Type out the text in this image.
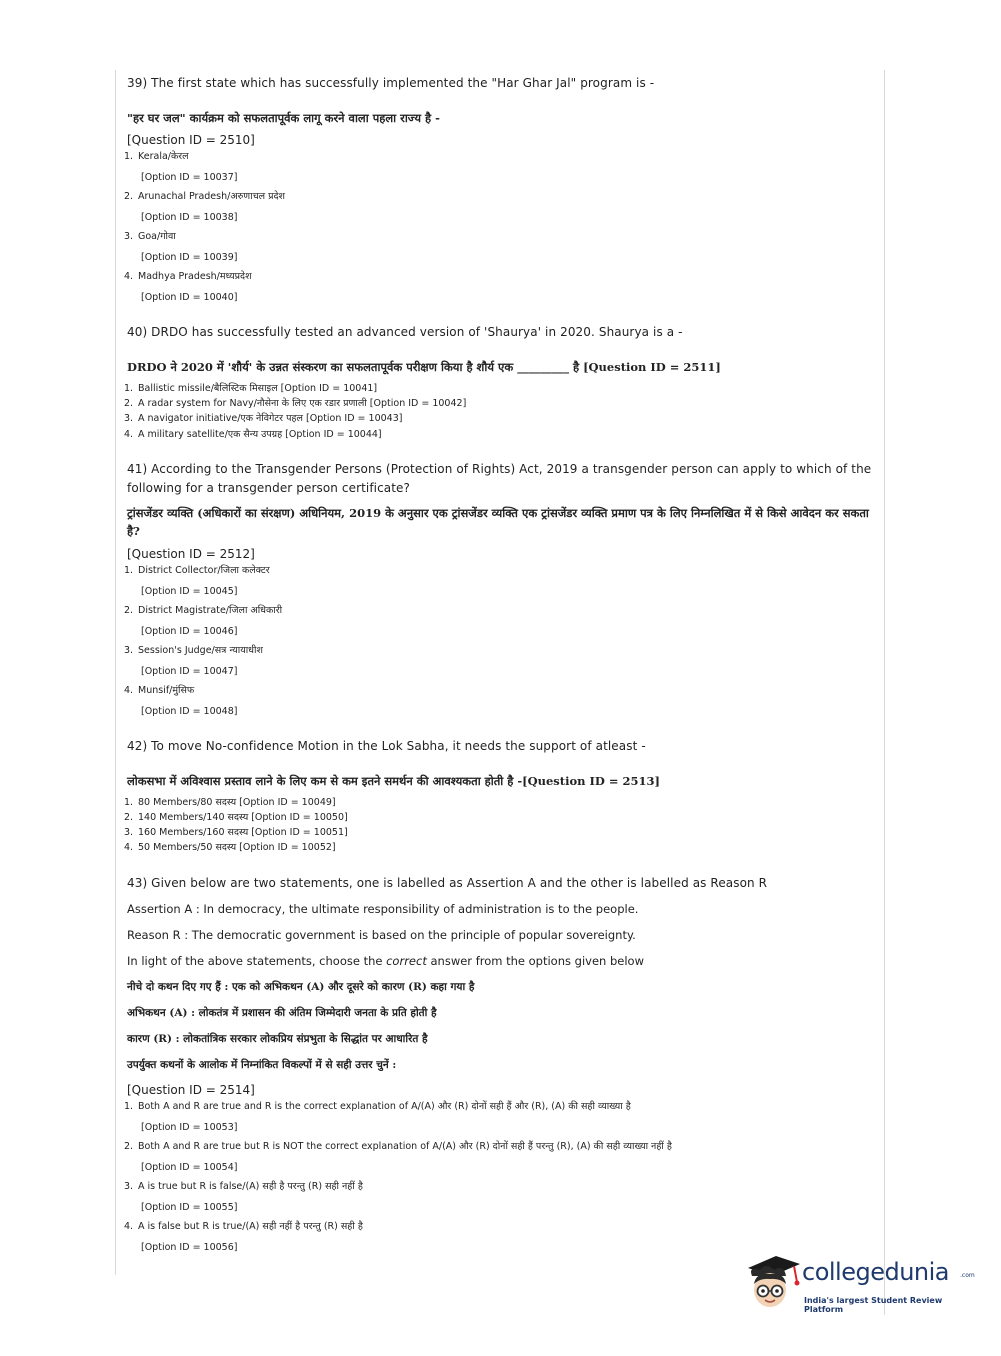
39) The first state which has successfully implemented the "Har Ghar Jal" program is -

"हर घर जल" कार्यक्रम को सफलतापूर्वक लागू करने वाला पहला राज्य है -

[Question ID = 2510]

1. Kerala/केरल

[Option ID = 10037]

2. Arunachal Pradesh/अरुणाचल प्रदेश

[Option ID = 10038]

3. Goa/गोवा

[Option ID = 10039]

4. Madhya Pradesh/मध्यप्रदेश

[Option ID = 10040]

40) DRDO has successfully tested an advanced version of 'Shaurya' in 2020. Shaurya is a -

DRDO ने 2020 में 'शौर्य' के उन्नत संस्करण का सफलतापूर्वक परीक्षण किया है शौर्य एक _________ है [Question ID = 2511]

1. Ballistic missile/बैलिस्टिक मिसाइल [Option ID = 10041]

2. A radar system for Navy/नौसेना के लिए एक रडार प्रणाली [Option ID = 10042]

3. A navigator initiative/एक नेविगेटर पहल [Option ID = 10043]

4. A military satellite/एक सैन्य उपग्रह [Option ID = 10044]

41) According to the Transgender Persons (Protection of Rights) Act, 2019 a transgender person can apply to which of the following for a transgender person certificate?

ट्रांसजेंडर व्यक्ति (अधिकारों का संरक्षण) अधिनियम, 2019 के अनुसार एक ट्रांसजेंडर व्यक्ति एक ट्रांसजेंडर व्यक्ति प्रमाण पत्र के लिए निम्नलिखित में से किसे आवेदन कर सकता है?

[Question ID = 2512]

1. District Collector/जिला कलेक्टर

[Option ID = 10045]

2. District Magistrate/जिला अधिकारी

[Option ID = 10046]

3. Session's Judge/सत्र न्यायाधीश

[Option ID = 10047]

4. Munsif/मुंसिफ

[Option ID = 10048]

42) To move No-confidence Motion in the Lok Sabha, it needs the support of atleast -

लोकसभा में अविश्वास प्रस्ताव लाने के लिए कम से कम इतने समर्थन की आवश्यकता होती है -[Question ID = 2513]

1. 80 Members/80 सदस्य [Option ID = 10049]

2. 140 Members/140 सदस्य [Option ID = 10050]

3. 160 Members/160 सदस्य [Option ID = 10051]

4. 50 Members/50 सदस्य [Option ID = 10052]

43) Given below are two statements, one is labelled as Assertion A and the other is labelled as Reason R

Assertion A : In democracy, the ultimate responsibility of administration is to the people.

Reason R : The democratic government is based on the principle of popular sovereignty.

In light of the above statements, choose the correct answer from the options given below

नीचे दो कथन दिए गए हैं : एक को अभिकथन (A) और दूसरे को कारण (R) कहा गया है

अभिकथन (A) : लोकतंत्र में प्रशासन की अंतिम जिम्मेदारी जनता के प्रति होती है

कारण (R) : लोकतांत्रिक सरकार लोकप्रिय संप्रभुता के सिद्धांत पर आधारित है

उपर्युक्त कथनों के आलोक में निम्नांकित विकल्पों में से सही उत्तर चुनें :

[Question ID = 2514]

1. Both A and R are true and R is the correct explanation of A/(A) और (R) दोनों सही हैं और (R), (A) की सही व्याख्या है

[Option ID = 10053]

2. Both A and R are true but R is NOT the correct explanation of A/(A) और (R) दोनों सही हैं परन्तु (R), (A) की सही व्याख्या नहीं है

[Option ID = 10054]

3. A is true but R is false/(A) सही है परन्तु (R) सही नहीं है

[Option ID = 10055]

4. A is false but R is true/(A) सही नहीं है परन्तु (R) सही है

[Option ID = 10056]

collegedunia .com
India's largest Student Review Platform
